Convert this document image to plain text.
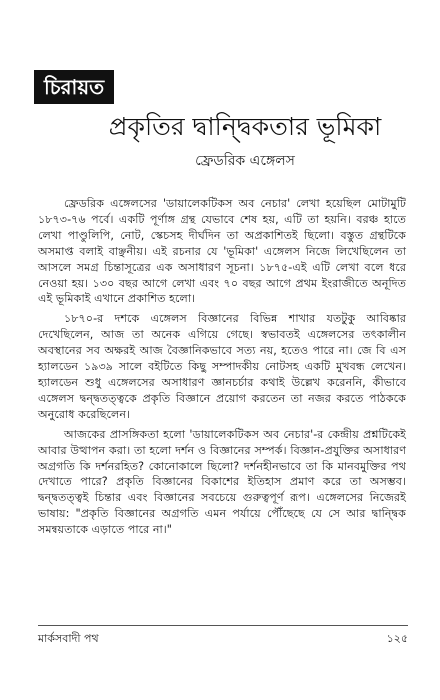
চিরায়ত
প্রকৃতির দ্বান্দ্বিকতার ভূমিকা
ফ্রেডরিক এঙ্গেলস

ফ্রেডরিক এঙ্গেলসের 'ডায়ালেকটিকস অব নেচার' লেখা হয়েছিল মোটামুটি ১৮৭৩-৭৬ পর্বে। একটি পূর্ণাঙ্গ গ্রন্থ যেভাবে শেষ হয়, এটি তা হয়নি। বরঞ্চ হাতে লেখা পাণ্ডুলিপি, নোট, স্কেচসহ দীর্ঘদিন তা অপ্রকাশিতই ছিলো। বস্তুত গ্রন্থটিকে অসমাপ্ত বলাই বাঞ্ছনীয়। এই রচনার যে 'ভূমিকা' এঙ্গেলস নিজে লিখেছিলেন তা আসলে সমগ্র চিন্তাসূত্রের এক অসাধারণ সূচনা। ১৮৭৫-এই এটি লেখা বলে ধরে নেওয়া হয়। ১৩০ বছর আগে লেখা এবং ৭০ বছর আগে প্রথম ইংরাজীতে অনূদিত এই ভূমিকাই এখানে প্রকাশিত হলো।

১৮৭০-র দশকে এঙ্গেলস বিজ্ঞানের বিভিন্ন শাখার যতটুকু আবিষ্কার দেখেছিলেন, আজ তা অনেক এগিয়ে গেছে। স্বভাবতই এঙ্গেলসের তৎকালীন অবস্থানের সব অক্ষরই আজ বৈজ্ঞানিকভাবে সত্য নয়, হতেও পারে না। জে বি এস হ্যালডেন ১৯৩৯ সালে বইটিতে কিছু সম্পাদকীয় নোটসহ একটি মুখবন্ধ লেখেন। হ্যালডেন শুধু এঙ্গেলসের অসাধারণ জ্ঞানচর্চার কথাই উল্লেখ করেননি, কীভাবে এঙ্গেলস দ্বন্দ্বতত্ত্বকে প্রকৃতি বিজ্ঞানে প্রয়োগ করতেন তা নজর করতে পাঠককে অনুরোধ করেছিলেন।

আজকের প্রাসঙ্গিকতা হলো 'ডায়ালেকটিকস অব নেচার'-র কেন্দ্রীয় প্রশ্নটিকেই আবার উত্থাপন করা। তা হলো দর্শন ও বিজ্ঞানের সম্পর্ক। বিজ্ঞান-প্রযুক্তির অসাধারণ অগ্রগতি কি দর্শনরহিত? কোনোকালে ছিলো? দর্শনহীনভাবে তা কি মানবমুক্তির পথ দেখাতে পারে? প্রকৃতি বিজ্ঞানের বিকাশের ইতিহাস প্রমাণ করে তা অসম্ভব। দ্বন্দ্বতত্ত্বই চিন্তার এবং বিজ্ঞানের সবচেয়ে গুরুত্বপূর্ণ রূপ। এঙ্গেলসের নিজেরই ভাষায়: "প্রকৃতি বিজ্ঞানের অগ্রগতি এমন পর্যায়ে পৌঁছেছে যে সে আর দ্বান্দ্বিক সমন্বয়তাকে এড়াতে পারে না।"

মার্কসবাদী পথ	১২৫
